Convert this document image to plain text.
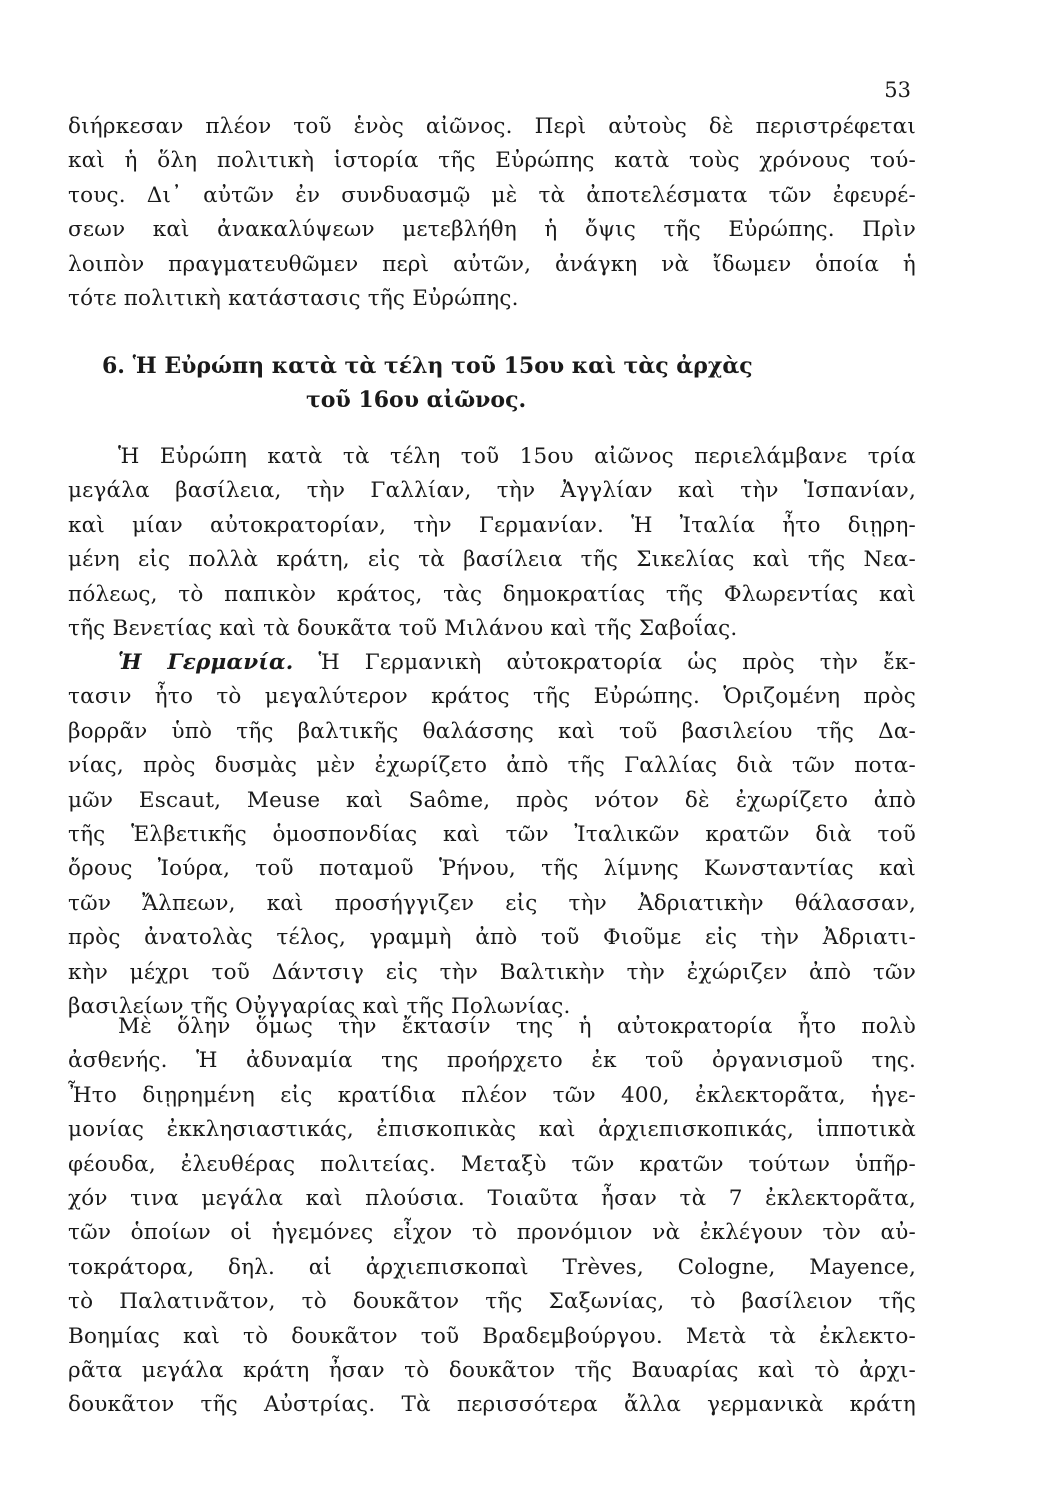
53
διήρκεσαν πλέον τοῦ ἑνὸς αἰῶνος. Περὶ αὐτοὺς δὲ περιστρέφεται
καὶ ἡ ὅλη πολιτικὴ ἱστορία τῆς Εὐρώπης κατὰ τοὺς χρόνους τού-
τους. Δι᾽ αὐτῶν ἐν συνδυασμῷ μὲ τὰ ἀποτελέσματα τῶν ἐφευρέ-
σεων καὶ ἀνακαλύψεων μετεβλήθη ἡ ὄψις τῆς Εὐρώπης. Πρὶν
λοιπὸν πραγματευθῶμεν περὶ αὐτῶν, ἀνάγκη νὰ ἴδωμεν ὁποία ἡ
τότε πολιτικὴ κατάστασις τῆς Εὐρώπης.
6. Ἡ Εὐρώπη κατὰ τὰ τέλη τοῦ 15ου καὶ τὰς ἀρχὰς
τοῦ 16ου αἰῶνος.
Ἡ Εὐρώπη κατὰ τὰ τέλη τοῦ 15ου αἰῶνος περιελάμβανε τρία
μεγάλα βασίλεια, τὴν Γαλλίαν, τὴν Ἀγγλίαν καὶ τὴν Ἱσπανίαν,
καὶ μίαν αὐτοκρατορίαν, τὴν Γερμανίαν. Ἡ Ἰταλία ἦτο διῃρη-
μένη εἰς πολλὰ κράτη, εἰς τὰ βασίλεια τῆς Σικελίας καὶ τῆς Νεα-
πόλεως, τὸ παπικὸν κράτος, τὰς δημοκρατίας τῆς Φλωρεντίας καὶ
τῆς Βενετίας καὶ τὰ δουκᾶτα τοῦ Μιλάνου καὶ τῆς Σαβοΐας.
Ἡ Γερμανία. Ἡ Γερμανικὴ αὐτοκρατορία ὡς πρὸς τὴν ἔκ-
τασιν ἦτο τὸ μεγαλύτερον κράτος τῆς Εὐρώπης. Ὁριζομένη πρὸς
βορρᾶν ὑπὸ τῆς βαλτικῆς θαλάσσης καὶ τοῦ βασιλείου τῆς Δα-
νίας, πρὸς δυσμὰς μὲν ἐχωρίζετο ἀπὸ τῆς Γαλλίας διὰ τῶν ποτα-
μῶν Escaut, Meuse καὶ Saôme, πρὸς νότον δὲ ἐχωρίζετο ἀπὸ
τῆς Ἑλβετικῆς ὁμοσπονδίας καὶ τῶν Ἰταλικῶν κρατῶν διὰ τοῦ
ὄρους Ἰούρα, τοῦ ποταμοῦ Ῥήνου, τῆς λίμνης Κωνσταντίας καὶ
τῶν Ἄλπεων, καὶ προσήγγιζεν εἰς τὴν Ἀδριατικὴν θάλασσαν,
πρὸς ἀνατολὰς τέλος, γραμμὴ ἀπὸ τοῦ Φιοῦμε εἰς τὴν Ἀδριατι-
κὴν μέχρι τοῦ Δάντσιγ εἰς τὴν Βαλτικὴν τὴν ἐχώριζεν ἀπὸ τῶν
βασιλείων τῆς Οὐγγαρίας καὶ τῆς Πολωνίας.
Μὲ ὅλην ὅμως τὴν ἔκτασίν της ἡ αὐτοκρατορία ἦτο πολὺ
ἀσθενής. Ἡ ἀδυναμία της προήρχετο ἐκ τοῦ ὀργανισμοῦ της.
Ἦτο διῃρημένη εἰς κρατίδια πλέον τῶν 400, ἐκλεκτορᾶτα, ἡγε-
μονίας ἐκκλησιαστικάς, ἐπισκοπικὰς καὶ ἀρχιεπισκοπικάς, ἱπποτικὰ
φέουδα, ἐλευθέρας πολιτείας. Μεταξὺ τῶν κρατῶν τούτων ὑπῆρ-
χόν τινα μεγάλα καὶ πλούσια. Τοιαῦτα ἦσαν τὰ 7 ἐκλεκτορᾶτα,
τῶν ὁποίων οἱ ἡγεμόνες εἶχον τὸ προνόμιον νὰ ἐκλέγουν τὸν αὐ-
τοκράτορα, δηλ. αἱ ἀρχιεπισκοπαὶ Trèves, Cologne, Mayence,
τὸ Παλατινᾶτον, τὸ δουκᾶτον τῆς Σαξωνίας, τὸ βασίλειον τῆς
Βοημίας καὶ τὸ δουκᾶτον τοῦ Βραδεμβούργου. Μετὰ τὰ ἐκλεκτο-
ρᾶτα μεγάλα κράτη ἦσαν τὸ δουκᾶτον τῆς Βαυαρίας καὶ τὸ ἀρχι-
δουκᾶτον τῆς Αὐστρίας. Τὰ περισσότερα ἄλλα γερμανικὰ κράτη
